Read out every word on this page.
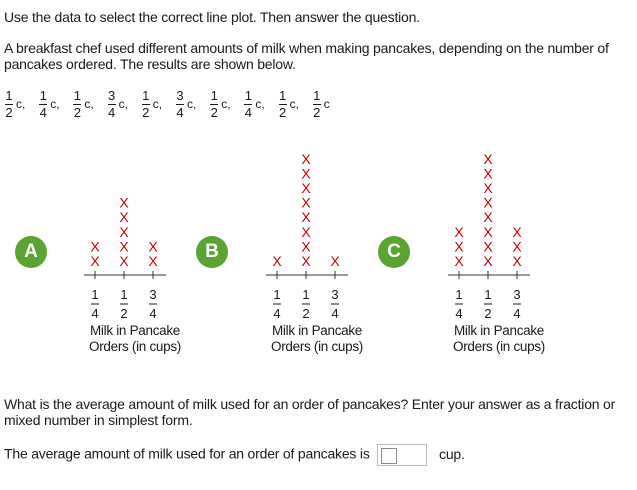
Use the data to select the correct line plot. Then answer the question.
A breakfast chef used different amounts of milk when making pancakes, depending on the number of
pancakes ordered. The results are shown below.
1
2
c,
1
4
c,
1
2
c,
3
4
c,
1
2
c,
3
4
c,
1
2
c,
1
4
c,
1
2
c,
1
2
c
A
1
4
X
X
1
2
X
X
X
X
X
3
4
X
X
Milk in Pancake
Orders (in cups)
B
1
4
X
1
2
X
X
X
X
X
X
X
X
3
4
X
Milk in Pancake
Orders (in cups)
C
1
4
X
X
X
1
2
X
X
X
X
X
X
X
X
3
4
X
X
X
Milk in Pancake
Orders (in cups)
What is the average amount of milk used for an order of pancakes? Enter your answer as a fraction or
mixed number in simplest form.
The average amount of milk used for an order of pancakes is	cup.
